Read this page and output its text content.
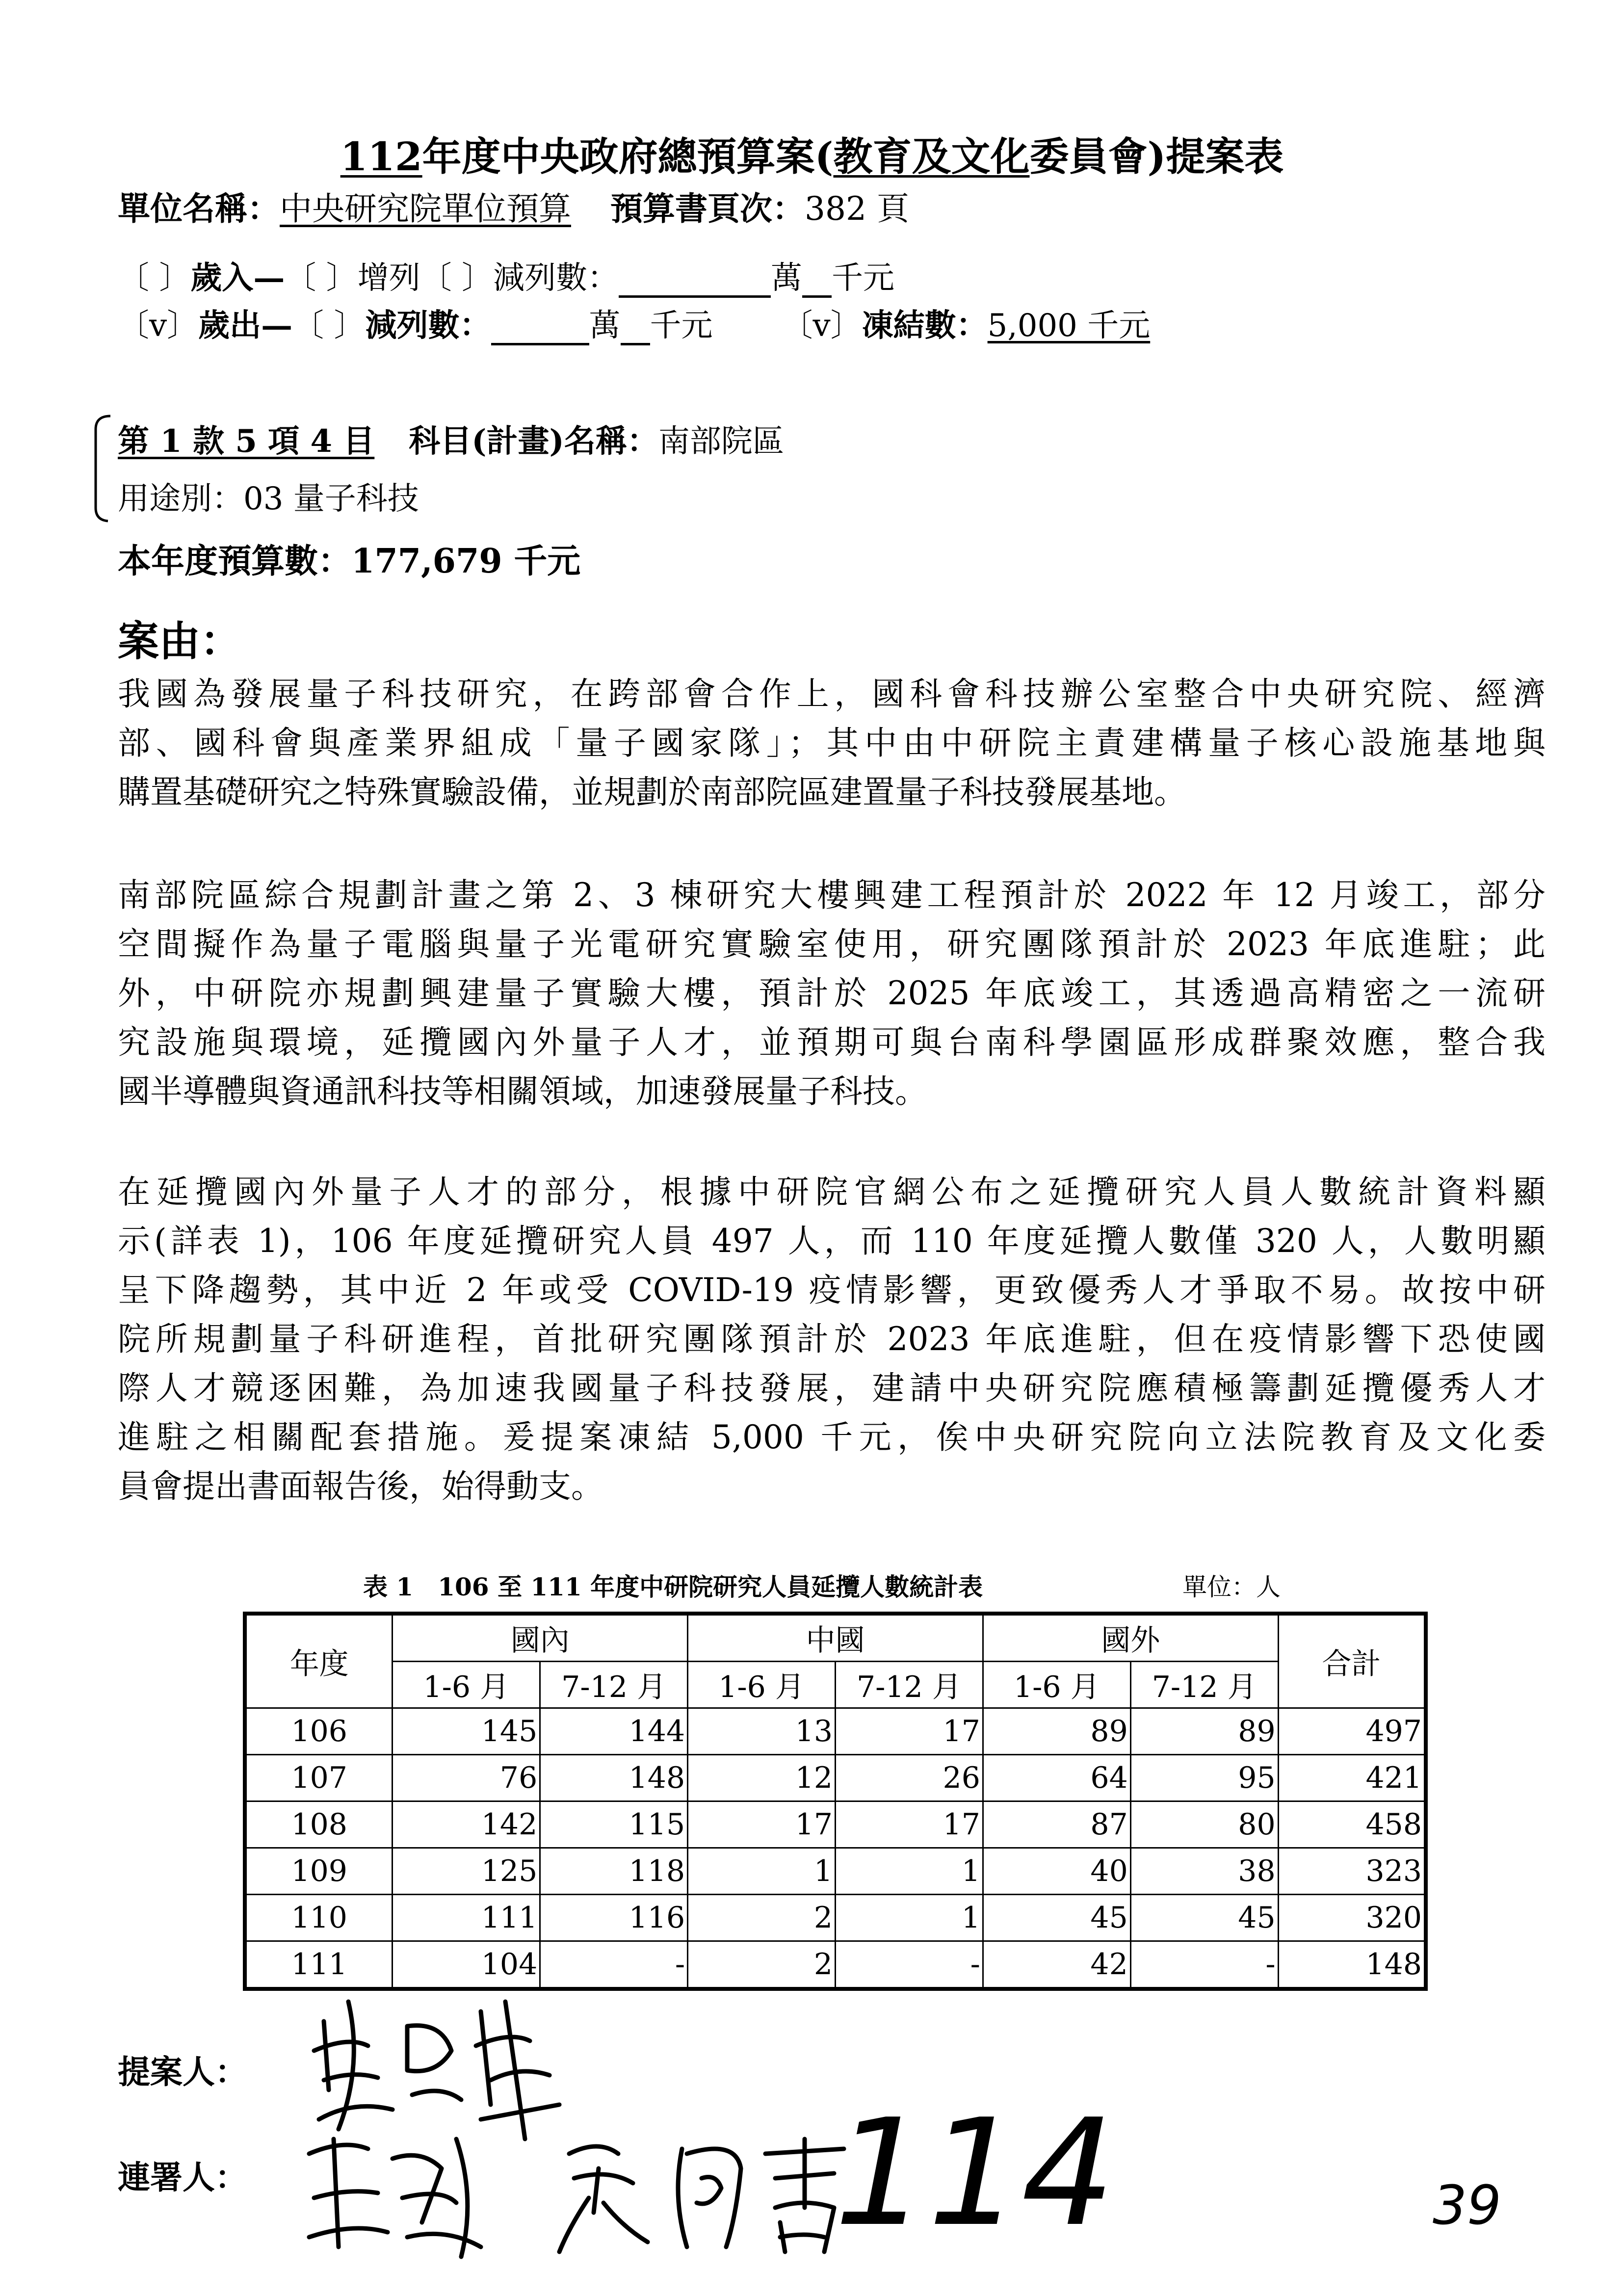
112年度中央政府總預算案(教育及文化委員會)提案表
單位名稱：中央研究院單位預算 預算書頁次：382 頁
〔 〕歲入—〔 〕增列〔 〕減列數：	萬 千元
〔v〕歲出—〔 〕減列數：	萬 千元 〔v〕凍結數：5,000 千元
第 1 款 5 項 4 目 科目(計畫)名稱：南部院區
用途別：03 量子科技
本年度預算數：177,679 千元
案由：
我國為發展量子科技研究，在跨部會合作上，國科會科技辦公室整合中央研究院、經濟
部、國科會與產業界組成「量子國家隊」；其中由中研院主責建構量子核心設施基地與
購置基礎研究之特殊實驗設備，並規劃於南部院區建置量子科技發展基地。
南部院區綜合規劃計畫之第 2、3 棟研究大樓興建工程預計於 2022 年 12 月竣工，部分
空間擬作為量子電腦與量子光電研究實驗室使用，研究團隊預計於 2023 年底進駐；此
外，中研院亦規劃興建量子實驗大樓，預計於 2025 年底竣工，其透過高精密之一流研
究設施與環境，延攬國內外量子人才，並預期可與台南科學園區形成群聚效應，整合我
國半導體與資通訊科技等相關領域，加速發展量子科技。
在延攬國內外量子人才的部分，根據中研院官網公布之延攬研究人員人數統計資料顯
示(詳表 1)，106 年度延攬研究人員 497 人，而 110 年度延攬人數僅 320 人，人數明顯
呈下降趨勢，其中近 2 年或受 COVID-19 疫情影響，更致優秀人才爭取不易。故按中研
院所規劃量子科研進程，首批研究團隊預計於 2023 年底進駐，但在疫情影響下恐使國
際人才競逐困難，為加速我國量子科技發展，建請中央研究院應積極籌劃延攬優秀人才
進駐之相關配套措施。爰提案凍結 5,000 千元，俟中央研究院向立法院教育及文化委
員會提出書面報告後，始得動支。
表 1　106 至 111 年度中研院研究人員延攬人數統計表	單位：人
年度	國內		中國		國外		合計
	1-6 月	7-12 月	1-6 月	7-12 月	1-6 月	7-12 月	
106	145	144	13	17	89	89	497
107	76	148	12	26	64	95	421
108	142	115	17	17	87	80	458
109	125	118	1	1	40	38	323
110	111	116	2	1	45	45	320
111	104	-	2	-	42	-	148
提案人：
連署人：	114	39
